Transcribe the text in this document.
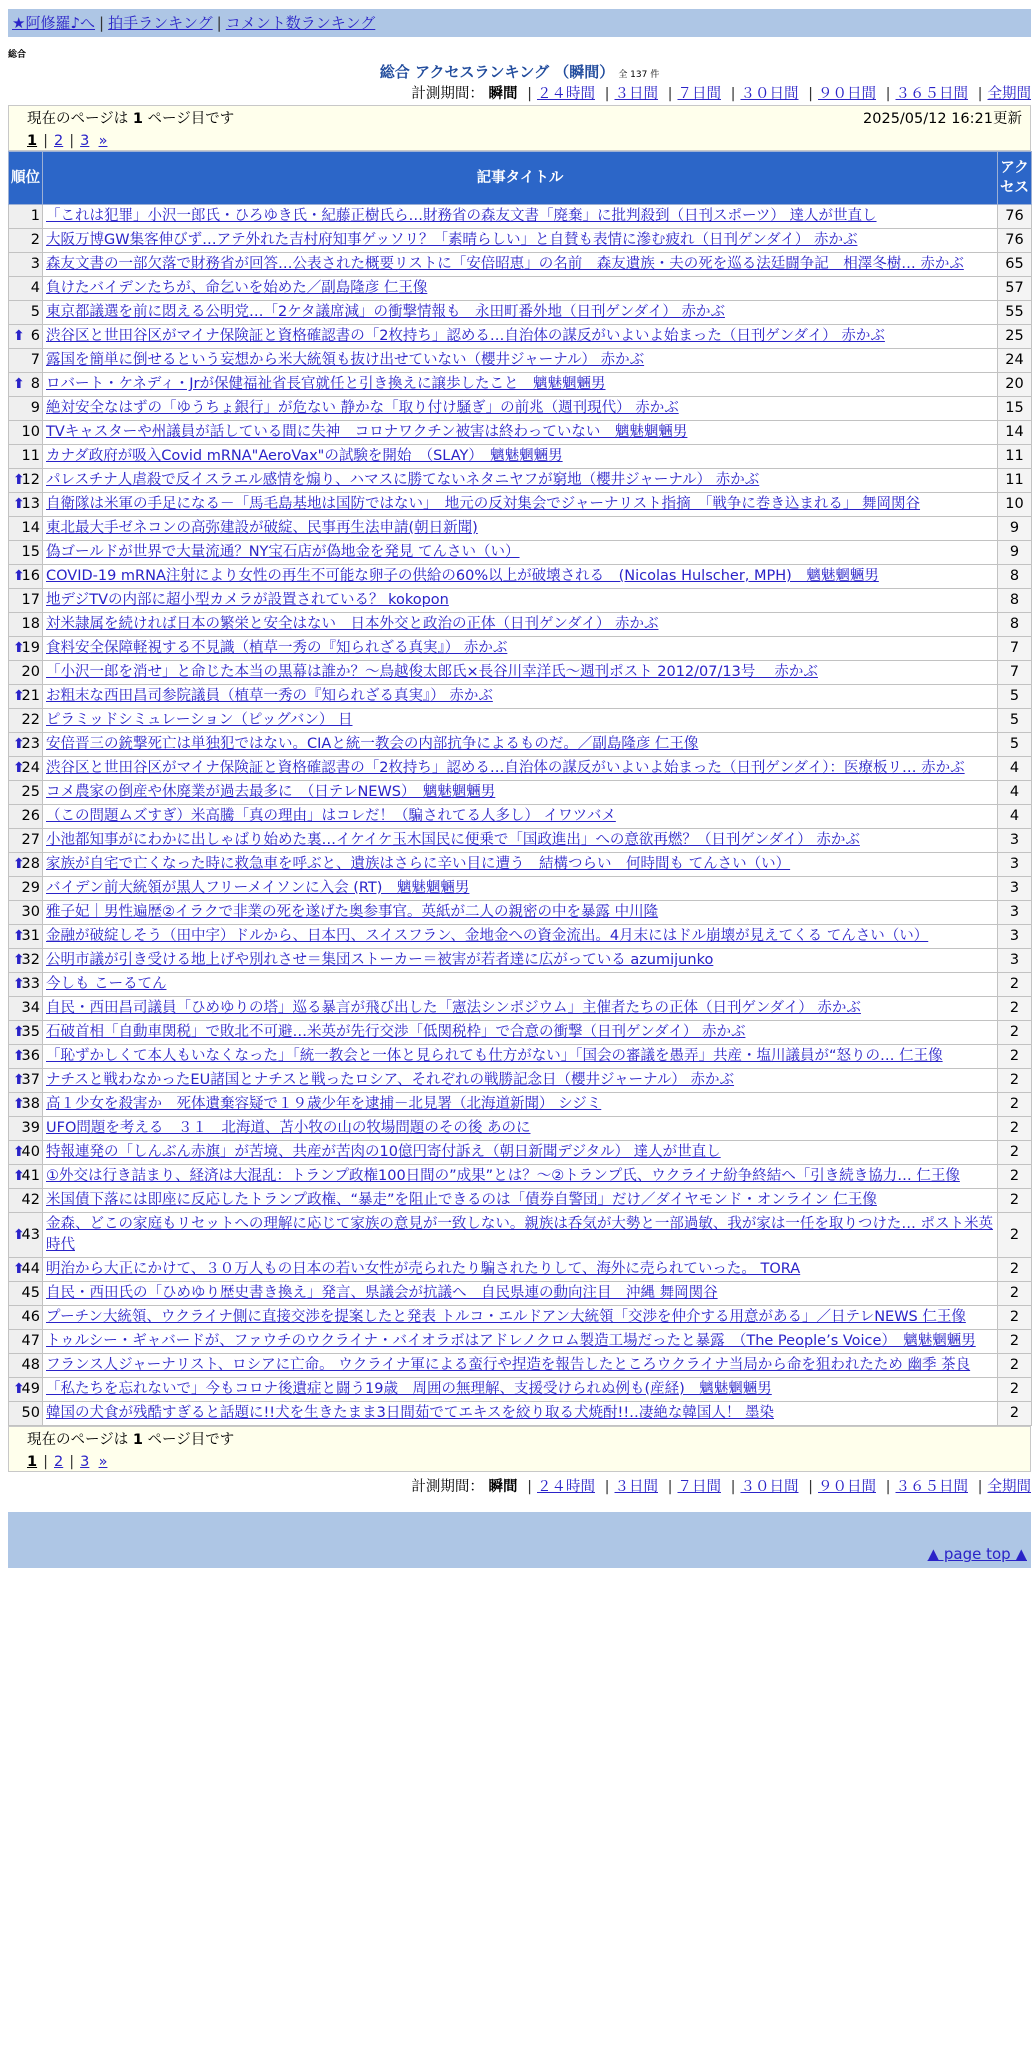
★阿修羅♪へ | 拍手ランキング | コメント数ランキング
総合
総合 アクセスランキング （瞬間） 全 137 件
計測期間： 瞬間 | ２４時間 | ３日間 | ７日間 | ３０日間 | ９０日間 | ３６５日間 | 全期間
現在のページは 1 ページ目です	2025/05/12 16:21更新
1 | 2 | 3 »
順位	記事タイトル	アクセス
1	「これは犯罪」小沢一郎氏・ひろゆき氏・紀藤正樹氏ら…財務省の森友文書「廃棄」に批判殺到（日刊スポーツ） 達人が世直し	76
2	大阪万博GW集客伸びず…アテ外れた吉村府知事ゲッソリ？「素晴らしい」と自賛も表情に滲む疲れ（日刊ゲンダイ） 赤かぶ	76
3	森友文書の一部欠落で財務省が回答…公表された概要リストに「安倍昭恵」の名前　森友遺族・夫の死を巡る法廷闘争記　相澤冬樹… 赤かぶ	65
4	負けたバイデンたちが、命乞いを始めた／副島隆彦 仁王像	57
5	東京都議選を前に悶える公明党…「2ケタ議席減」の衝撃情報も　永田町番外地（日刊ゲンダイ） 赤かぶ	55

⬆ 6	渋谷区と世田谷区がマイナ保険証と資格確認書の「2枚持ち」認める…自治体の謀反がいよいよ始まった（日刊ゲンダイ） 赤かぶ	25
7	露国を簡単に倒せるという妄想から米大統領も抜け出せていない（櫻井ジャーナル） 赤かぶ	24

⬆ 8	ロバート・ケネディ・Jrが保健福祉省長官就任と引き換えに譲歩したこと　魑魅魍魎男	20
9	絶対安全なはずの「ゆうちょ銀行」が危ない 静かな「取り付け騒ぎ」の前兆（週刊現代） 赤かぶ	15
10	TVキャスターや州議員が話している間に失神　コロナワクチン被害は終わっていない　魑魅魍魎男	14
11	カナダ政府が吸入Covid mRNA"AeroVax"の試験を開始　（SLAY）　魑魅魍魎男	11

⬆
12	パレスチナ人虐殺で反イスラエル感情を煽り、ハマスに勝てないネタニヤフが窮地（櫻井ジャーナル） 赤かぶ	11

⬆
13	自衛隊は米軍の手足になる－「馬毛島基地は国防ではない」　地元の反対集会でジャーナリスト指摘　「戦争に巻き込まれる」 舞岡関谷	10
14	東北最大手ゼネコンの高弥建設が破綻、民事再生法申請(朝日新聞)	9
15	偽ゴールドが世界で大量流通？NY宝石店が偽地金を発見 てんさい（い）	9

⬆
16	COVID-19 mRNA注射により女性の再生不可能な卵子の供給の60%以上が破壊される　(Nicolas Hulscher, MPH)　魑魅魍魎男	8
17	地デジTVの内部に超小型カメラが設置されている？ kokopon	8
18	対米隷属を続ければ日本の繁栄と安全はない　日本外交と政治の正体（日刊ゲンダイ） 赤かぶ	8

⬆
19	食料安全保障軽視する不見識（植草一秀の『知られざる真実』） 赤かぶ	7
20	「小沢一郎を消せ」と命じた本当の黒幕は誰か？～鳥越俊太郎氏×長谷川幸洋氏～週刊ポスト 2012/07/13号　 赤かぶ	7

⬆
21	お粗末な西田昌司参院議員（植草一秀の『知られざる真実』） 赤かぶ	5
22	ピラミッドシミュレーション（ピッグバン） 日	5

⬆
23	安倍晋三の銃撃死亡は単独犯ではない。CIAと統一教会の内部抗争によるものだ。／副島隆彦 仁王像	5

⬆
24	渋谷区と世田谷区がマイナ保険証と資格確認書の「2枚持ち」認める…自治体の謀反がいよいよ始まった（日刊ゲンダイ）：医療板リ… 赤かぶ	4
25	コメ農家の倒産や休廃業が過去最多に　（日テレNEWS）　魑魅魍魎男	4
26	（この問題ムズすぎ）米高騰「真の理由」はコレだ！（騙されてる人多し） イワツバメ	4
27	小池都知事がにわかに出しゃばり始めた裏…イケイケ玉木国民に便乗で「国政進出」への意欲再燃？（日刊ゲンダイ） 赤かぶ	3

⬆
28	家族が自宅で亡くなった時に救急車を呼ぶと、遺族はさらに辛い目に遭う　結構つらい　何時間も てんさい（い）	3
29	バイデン前大統領が黒人フリーメイソンに入会 (RT)　魑魅魍魎男	3
30	雅子妃｜男性遍歴②イラクで非業の死を遂げた奥参事官。英紙が二人の親密の中を暴露 中川隆	3

⬆
31	金融が破綻しそう（田中宇）ドルから、日本円、スイスフラン、金地金への資金流出。4月末にはドル崩壊が見えてくる てんさい（い）	3

⬆
32	公明市議が引き受ける地上げや別れさせ＝集団ストーカー＝被害が若者達に広がっている azumijunko	3

⬆
33	今しも こーるてん	2
34	自民・西田昌司議員「ひめゆりの塔」巡る暴言が飛び出した「憲法シンポジウム」主催者たちの正体（日刊ゲンダイ） 赤かぶ	2

⬆
35	石破首相「自動車関税」で敗北不可避…米英が先行交渉「低関税枠」で合意の衝撃（日刊ゲンダイ） 赤かぶ	2

⬆
36	「恥ずかしくて本人もいなくなった」「統一教会と一体と見られても仕方がない」「国会の審議を愚弄」共産・塩川議員が“怒りの… 仁王像	2

⬆
37	ナチスと戦わなかったEU諸国とナチスと戦ったロシア、それぞれの戦勝記念日（櫻井ジャーナル） 赤かぶ	2

⬆
38	高１少女を殺害か　死体遺棄容疑で１９歳少年を逮捕－北見署（北海道新聞） シジミ	2
39	UFO問題を考える　３１　北海道、苫小牧の山の牧場問題のその後 あのに	2

⬆
40	特報連発の「しんぶん赤旗」が苦境、共産が苦肉の10億円寄付訴え（朝日新聞デジタル） 達人が世直し	2

⬆
41	①外交は行き詰まり、経済は大混乱：トランプ政権100日間の”成果”とは？～②トランプ氏、ウクライナ紛争終結へ「引き続き協力… 仁王像	2
42	米国債下落には即座に反応したトランプ政権、“暴走”を阻止できるのは「債券自警団」だけ／ダイヤモンド・オンライン 仁王像	2

⬆
43	金森、どこの家庭もリセットへの理解に応じて家族の意見が一致しない。親族は呑気が大勢と一部過敏、我が家は一任を取りつけた… ポスト米英時代	2

⬆
44	明治から大正にかけて、３０万人もの日本の若い女性が売られたり騙されたりして、海外に売られていった。 TORA	2
45	自民・西田氏の「ひめゆり歴史書き換え」発言、県議会が抗議へ　自民県連の動向注目　沖縄 舞岡関谷	2
46	プーチン大統領、ウクライナ側に直接交渉を提案したと発表 トルコ・エルドアン大統領「交渉を仲介する用意がある」／日テレNEWS 仁王像	2
47	トゥルシー・ギャバードが、ファウチのウクライナ・バイオラボはアドレノクロム製造工場だったと暴露　（The People’s Voice）　魑魅魍魎男	2
48	フランス人ジャーナリスト、ロシアに亡命。 ウクライナ軍による蛮行や捏造を報告したところウクライナ当局から命を狙われたため 幽季 茶良	2

⬆
49	「私たちを忘れないで」今もコロナ後遺症と闘う19歳　周囲の無理解、支援受けられぬ例も(産経)　魑魅魍魎男	2
50	韓国の犬食が残酷すぎると話題に!!犬を生きたまま3日間茹でてエキスを絞り取る犬焼酎!!‥凄絶な韓国人！ 墨染	2
現在のページは 1 ページ目です
1 | 2 | 3 »
計測期間： 瞬間 | ２４時間 | ３日間 | ７日間 | ３０日間 | ９０日間 | ３６５日間 | 全期間
▲ page top ▲
